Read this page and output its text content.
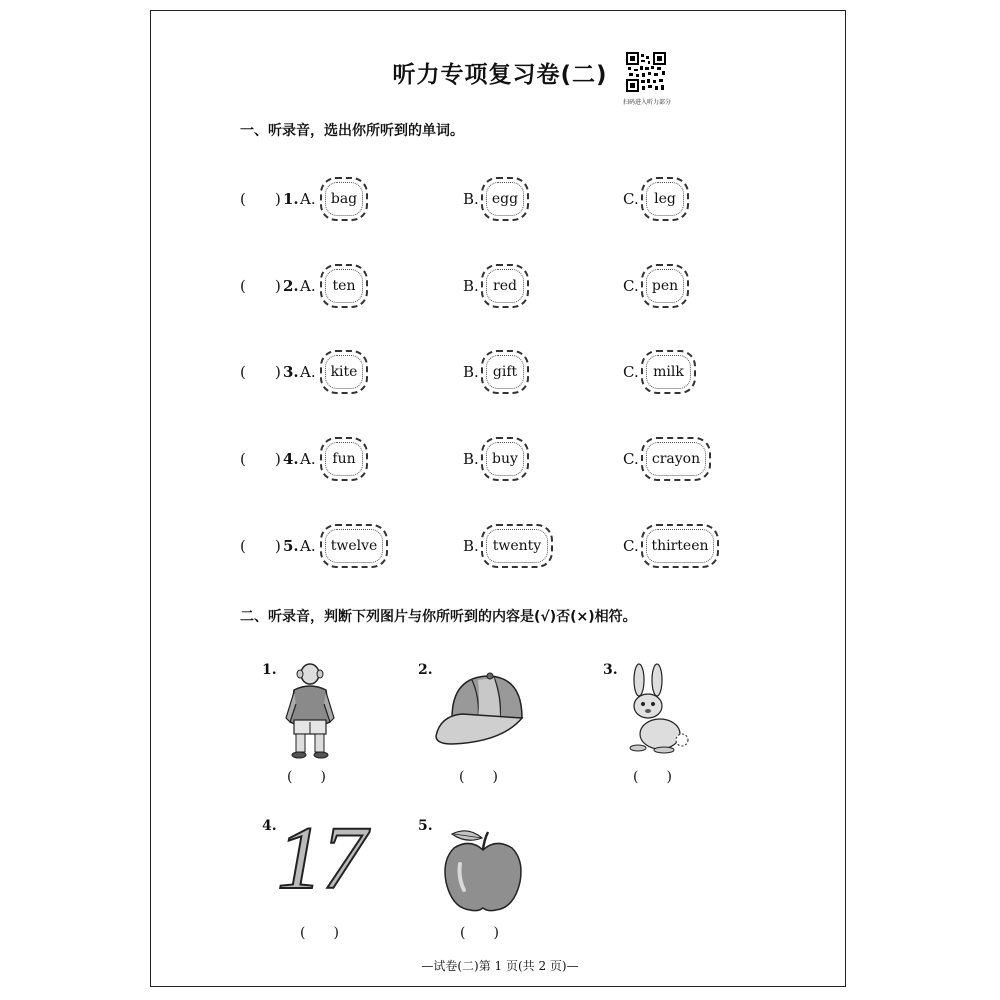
听力专项复习卷(二)
扫码进入听力部分
一、听录音，选出你所听到的单词。
( ) 1. A.	bag	B. egg	C.	leg
( ) 2. A.	ten	B.	red	C. pen
( ) 3. A.	kite	B.	gift	C.	milk
( ) 4. A.	fun	B. buy	C. crayon
( ) 5. A.	twelve	B. twenty	C. thirteen
二、听录音，判断下列图片与你所听到的内容是(√)否(×)相符。
1.
(　　)
2.
(　　)
3.
(　　)
4. 17
(　　)
5.
(　　)
—试卷(二)第 1 页(共 2 页)—
